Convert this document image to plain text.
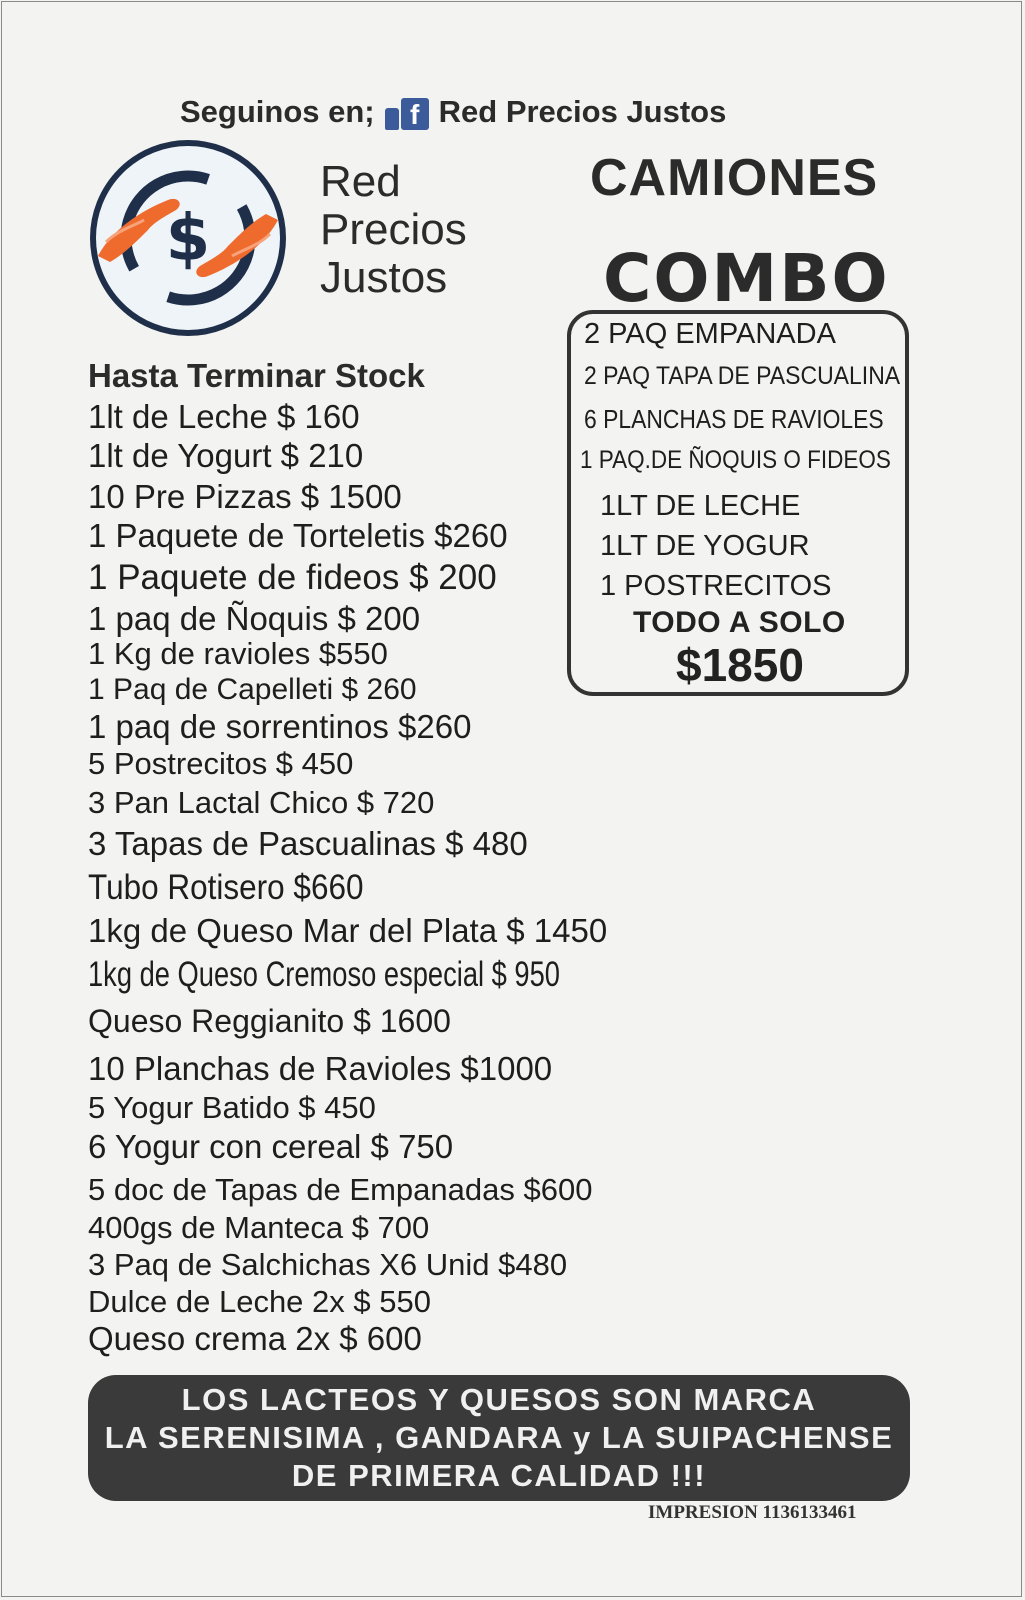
Seguinos en;	f Red Precios Justos
$
Red
Precios
Justos
CAMIONES
COMBO
2 PAQ EMPANADA
2 PAQ TAPA DE PASCUALINA
6 PLANCHAS DE RAVIOLES
1 PAQ.DE ÑOQUIS O FIDEOS
1LT DE LECHE
1LT DE YOGUR
1 POSTRECITOS
TODO A SOLO
$1850
Hasta Terminar Stock
1lt de Leche $ 160
1lt de Yogurt $ 210
10 Pre Pizzas $ 1500
1 Paquete de Torteletis $260
1 Paquete de fideos $ 200
1 paq de Ñoquis $ 200
1 Kg de ravioles $550
1 Paq de Capelleti $ 260
1 paq de sorrentinos $260
5 Postrecitos $ 450
3 Pan Lactal Chico $ 720
3 Tapas de Pascualinas $ 480
Tubo Rotisero $660
1kg de Queso Mar del Plata $ 1450
1kg de Queso Cremoso especial $ 950
Queso Reggianito $ 1600
10 Planchas de Ravioles $1000
5 Yogur Batido $ 450
6 Yogur con cereal $ 750
5 doc de Tapas de Empanadas $600
400gs de Manteca $ 700
3 Paq de Salchichas X6 Unid $480
Dulce de Leche 2x $ 550
Queso crema 2x $ 600
LOS LACTEOS Y QUESOS SON MARCA
LA SERENISIMA , GANDARA y LA SUIPACHENSE
DE PRIMERA CALIDAD !!!
IMPRESION 1136133461
